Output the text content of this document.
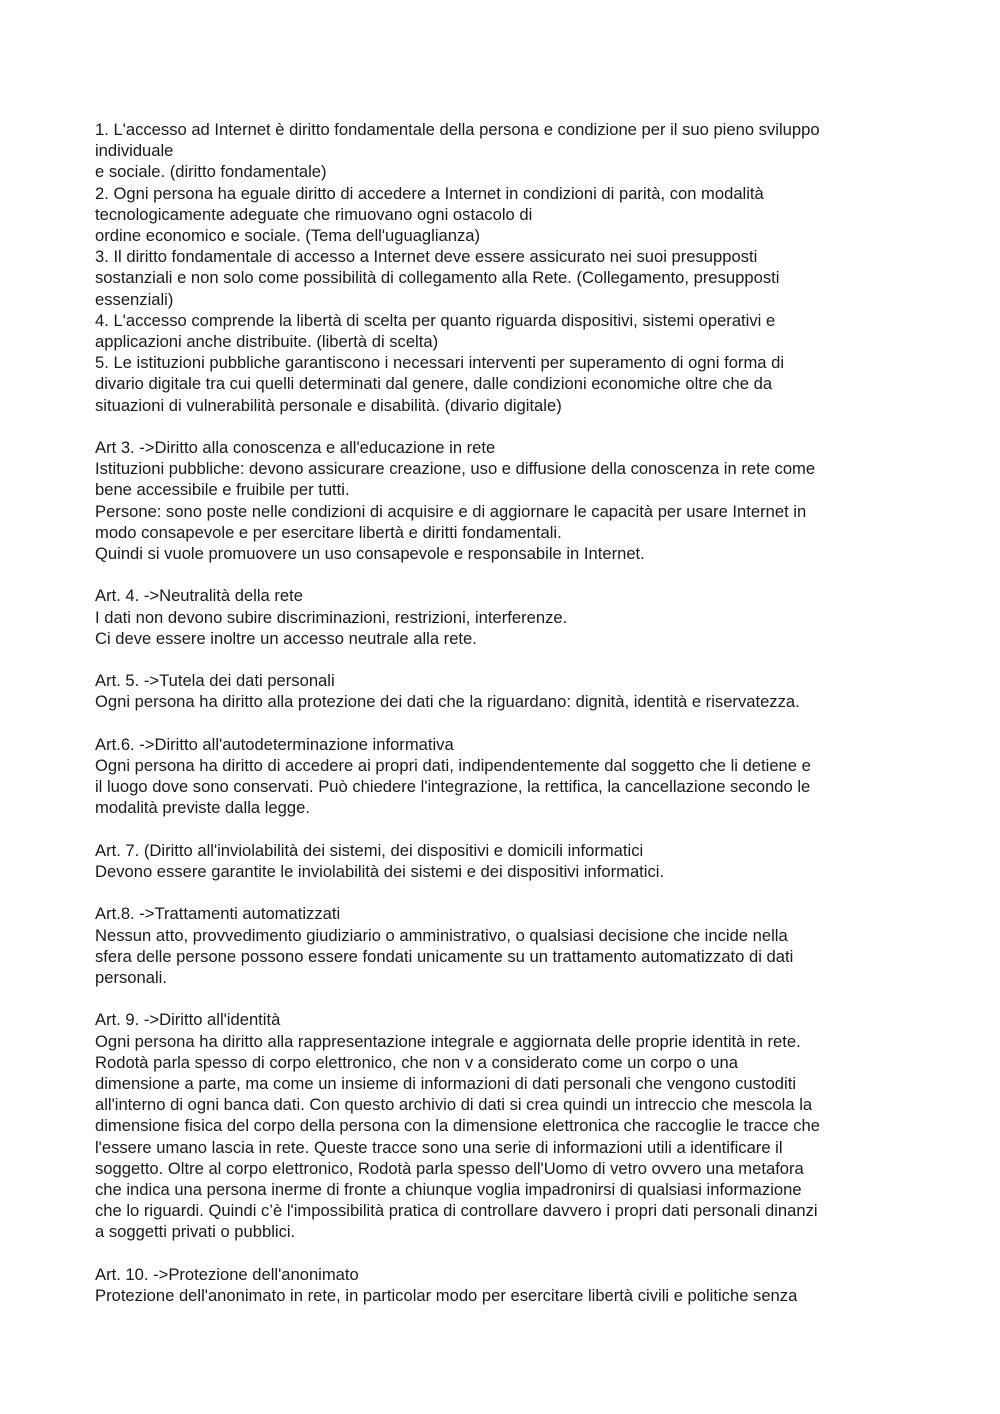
1. L'accesso ad Internet è diritto fondamentale della persona e condizione per il suo pieno sviluppo
individuale
e sociale. (diritto fondamentale)
2. Ogni persona ha eguale diritto di accedere a Internet in condizioni di parità, con modalità
tecnologicamente adeguate che rimuovano ogni ostacolo di
ordine economico e sociale. (Tema dell'uguaglianza)
3. Il diritto fondamentale di accesso a Internet deve essere assicurato nei suoi presupposti
sostanziali e non solo come possibilità di collegamento alla Rete. (Collegamento, presupposti
essenziali)
4. L'accesso comprende la libertà di scelta per quanto riguarda dispositivi, sistemi operativi e
applicazioni anche distribuite. (libertà di scelta)
5. Le istituzioni pubbliche garantiscono i necessari interventi per superamento di ogni forma di
divario digitale tra cui quelli determinati dal genere, dalle condizioni economiche oltre che da
situazioni di vulnerabilità personale e disabilità. (divario digitale)
Art 3. ->Diritto alla conoscenza e all'educazione in rete
Istituzioni pubbliche: devono assicurare creazione, uso e diffusione della conoscenza in rete come
bene accessibile e fruibile per tutti.
Persone: sono poste nelle condizioni di acquisire e di aggiornare le capacità per usare Internet in
modo consapevole e per esercitare libertà e diritti fondamentali.
Quindi si vuole promuovere un uso consapevole e responsabile in Internet.
Art. 4. ->Neutralità della rete
I dati non devono subire discriminazioni, restrizioni, interferenze.
Ci deve essere inoltre un accesso neutrale alla rete.
Art. 5. ->Tutela dei dati personali
Ogni persona ha diritto alla protezione dei dati che la riguardano: dignità, identità e riservatezza.
Art.6. ->Diritto all'autodeterminazione informativa
Ogni persona ha diritto di accedere ai propri dati, indipendentemente dal soggetto che li detiene e
il luogo dove sono conservati. Può chiedere l'integrazione, la rettifica, la cancellazione secondo le
modalità previste dalla legge.
Art. 7. (Diritto all'inviolabilità dei sistemi, dei dispositivi e domicili informatici
Devono essere garantite le inviolabilità dei sistemi e dei dispositivi informatici.
Art.8. ->Trattamenti automatizzati
Nessun atto, provvedimento giudiziario o amministrativo, o qualsiasi decisione che incide nella
sfera delle persone possono essere fondati unicamente su un trattamento automatizzato di dati
personali.
Art. 9. ->Diritto all'identità
Ogni persona ha diritto alla rappresentazione integrale e aggiornata delle proprie identità in rete.
Rodotà parla spesso di corpo elettronico, che non v a considerato come un corpo o una
dimensione a parte, ma come un insieme di informazioni di dati personali che vengono custoditi
all'interno di ogni banca dati. Con questo archivio di dati si crea quindi un intreccio che mescola la
dimensione fisica del corpo della persona con la dimensione elettronica che raccoglie le tracce che
l'essere umano lascia in rete. Queste tracce sono una serie di informazioni utili a identificare il
soggetto. Oltre al corpo elettronico, Rodotà parla spesso dell'Uomo di vetro ovvero una metafora
che indica una persona inerme di fronte a chiunque voglia impadronirsi di qualsiasi informazione
che lo riguardi. Quindi c’è l'impossibilità pratica di controllare davvero i propri dati personali dinanzi
a soggetti privati o pubblici.
Art. 10. ->Protezione dell'anonimato
Protezione dell'anonimato in rete, in particolar modo per esercitare libertà civili e politiche senza
